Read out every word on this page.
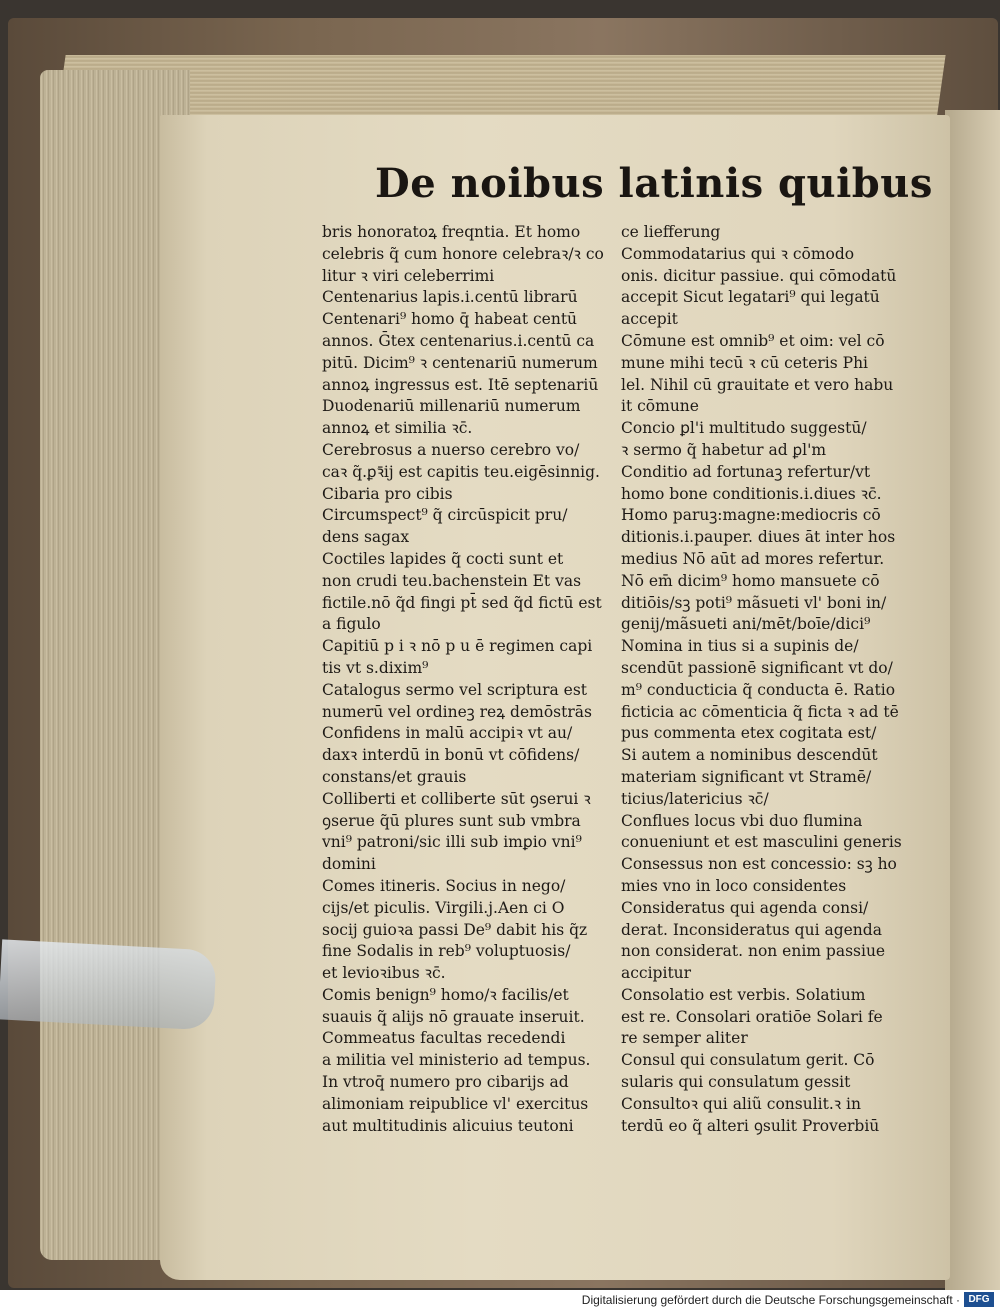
De noibus latinis quibus
bris honoratoꝝ freqntia. Et homo
celebris q̃ cum honore celebraꝛ/ꝛ co
litur ꝛ viri celeberrimi
Centenarius lapis.i.centū librarū
Centenari⁹ homo q̄ habeat centū
annos. Ḡtex centenarius.i.centū ca
pitū. Dicim⁹ ꝛ centenariū numerum
annoꝝ ingressus est. Itē septenariū
Duodenariū millenariū numerum
annoꝝ et similia ꝛc̄.
Cerebrosus a nuerso cerebro vo/
caꝛ q̃.ꝑꝛ̄ij est capitis teu.eigēsinnig.
Cibaria pro cibis
Circumspect⁹ q̃ circūspicit pru/
dens sagax
Coctiles lapides q̃ cocti sunt et
non crudi teu.bachenstein Et vas
fictile.nō q̃d fingi pt̄ sed q̃d fictū est
a figulo
Capitiū p i ꝛ nō p u ē regimen capi
tis vt s.dixim⁹
Catalogus sermo vel scriptura est
numerū vel ordineꝫ reꝝ demōstrās
Confidens in malū accipiꝛ vt au/
daxꝛ interdū in bonū vt cōfidens/
constans/et grauis
Colliberti et colliberte sūt ꝯserui ꝛ
ꝯserue q̃ū plures sunt sub vmbra
vni⁹ patroni/sic illi sub imꝑio vni⁹
domini
Comes itineris. Socius in nego/
cijs/et piculis. Virgili.j.Aen ci O
socij guioꝛa passi De⁹ dabit his q̃z
fine Sodalis in reb⁹ voluptuosis/
et levioꝛibus ꝛc̄.
Comis benign⁹ homo/ꝛ facilis/et
suauis q̃ alijs nō grauate inseruit.
Commeatus facultas recedendi
a militia vel ministerio ad tempus.
In vtroq̄ numero pro cibarijs ad
alimoniam reipublice vl' exercitus
aut multitudinis alicuius teutoni
ce liefferung
Commodatarius qui ꝛ cōmodo
onis. dicitur passiue. qui cōmodatū
accepit Sicut legatari⁹ qui legatū
accepit
Cōmune est omnib⁹ et oim: vel cō
mune mihi tecū ꝛ cū ceteris Phi
lel. Nihil cū grauitate et vero habu
it cōmune
Concio ꝑl'i multitudo suggestū/
ꝛ sermo q̃ habetur ad ꝑl'm
Conditio ad fortunaꝫ refertur/vt
homo bone conditionis.i.diues ꝛc̄.
Homo paruꝫ:magne:mediocris cō
ditionis.i.pauper. diues āt inter hos
medius Nō aūt ad mores refertur.
Nō em̄ dicim⁹ homo mansuete cō
ditiōis/sꝫ poti⁹ mãsueti vl' boni in/
genij/mãsueti ani/mēt/boīe/dici⁹
Nomina in tius si a supinis de/
scendūt passionē significant vt do/
m⁹ conducticia q̃ conducta ē. Ratio
ficticia ac cōmenticia q̃ ficta ꝛ ad tē
pus commenta etex cogitata est/
Si autem a nominibus descendūt
materiam significant vt Stramē/
ticius/latericius ꝛc̄/
Conflues locus vbi duo flumina
conueniunt et est masculini generis
Consessus non est concessio: sꝫ ho
mies vno in loco considentes
Consideratus qui agenda consi/
derat. Inconsideratus qui agenda
non considerat. non enim passiue
accipitur
Consolatio est verbis. Solatium
est re. Consolari oratiōe Solari fe
re semper aliter
Consul qui consulatum gerit. Cō
sularis qui consulatum gessit
Consultoꝛ qui aliũ consulit.ꝛ in
terdū eo q̃ alteri ꝯsulit Proverbiū
Digitalisierung gefördert durch die Deutsche Forschungsgemeinschaft · DFG
